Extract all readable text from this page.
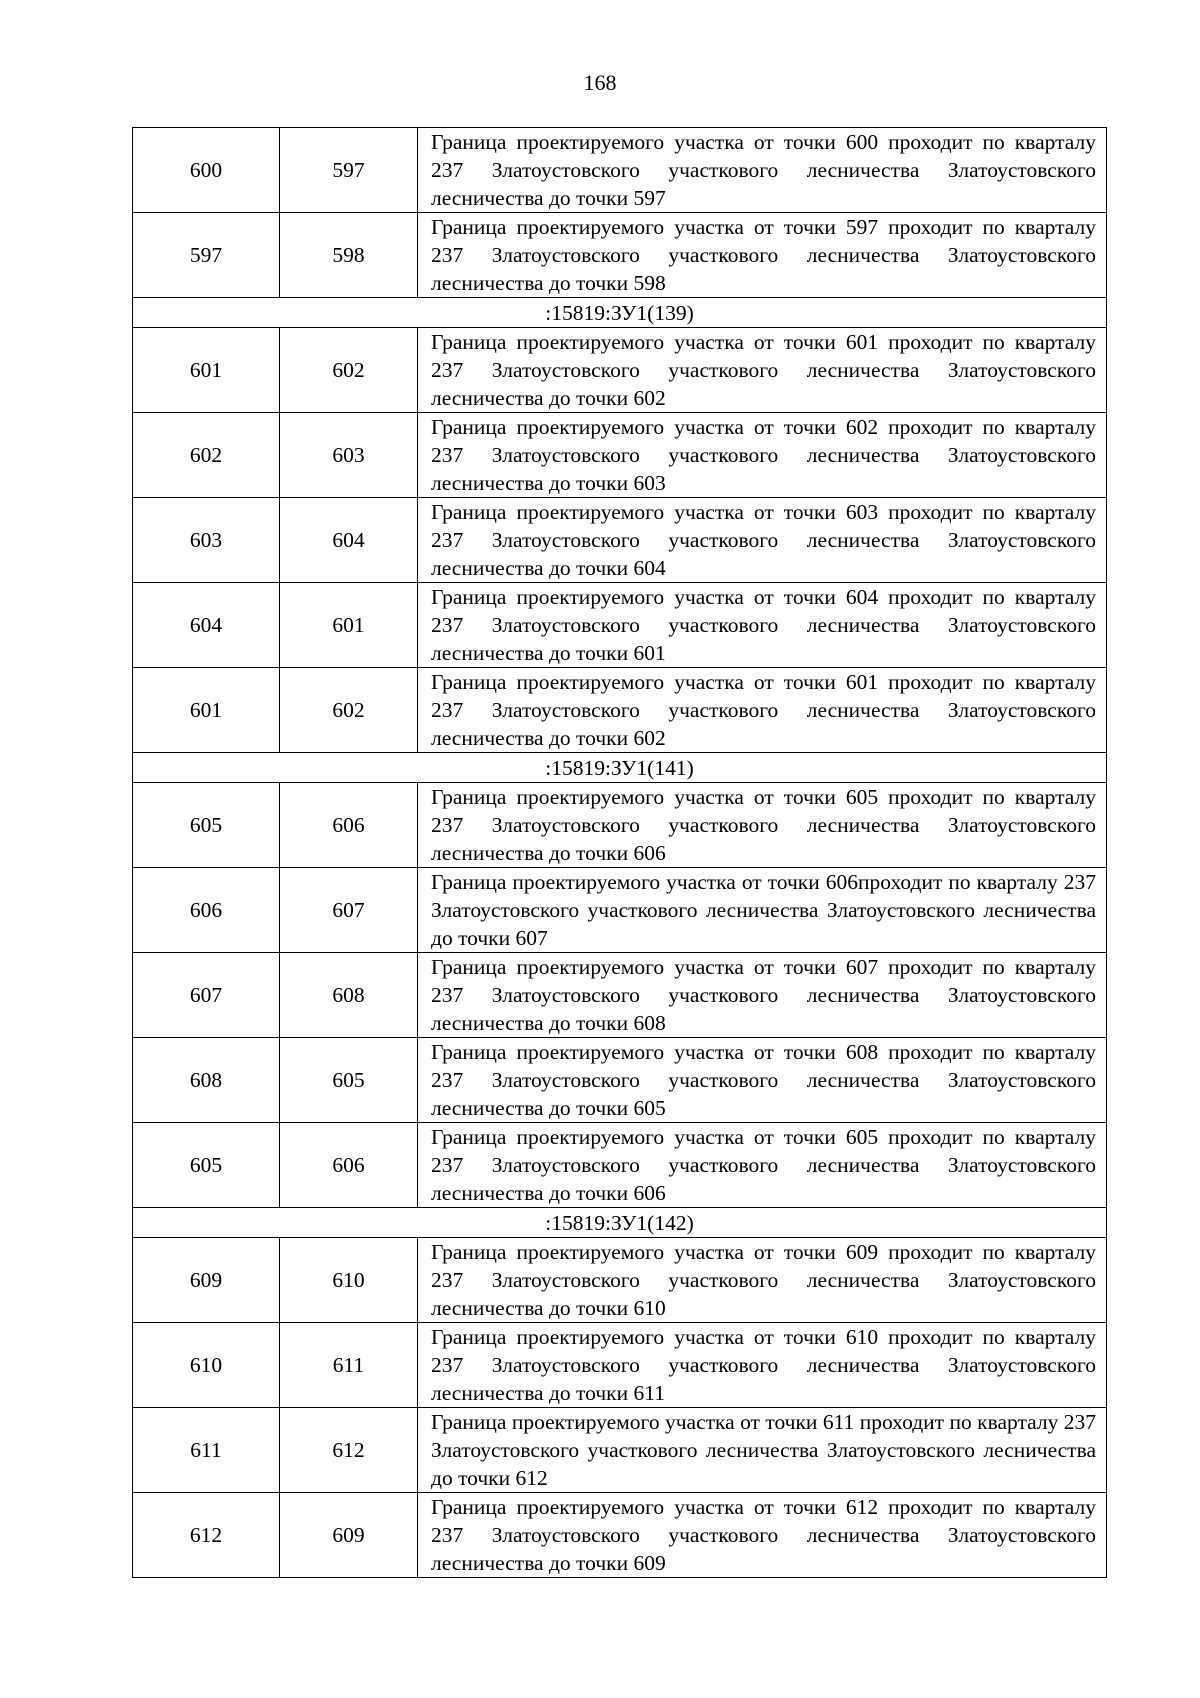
168
600	597	Граница проектируемого участка от точки 600 проходит по кварталу 237 Златоустовского участкового лесничества Златоустовского лесничества до точки 597
597	598	Граница проектируемого участка от точки 597 проходит по кварталу 237 Златоустовского участкового лесничества Златоустовского лесничества до точки 598
:15819:ЗУ1(139)		
601	602	Граница проектируемого участка от точки 601 проходит по кварталу 237 Златоустовского участкового лесничества Златоустовского лесничества до точки 602
602	603	Граница проектируемого участка от точки 602 проходит по кварталу 237 Златоустовского участкового лесничества Златоустовского лесничества до точки 603
603	604	Граница проектируемого участка от точки 603 проходит по кварталу 237 Златоустовского участкового лесничества Златоустовского лесничества до точки 604
604	601	Граница проектируемого участка от точки 604 проходит по кварталу 237 Златоустовского участкового лесничества Златоустовского лесничества до точки 601
601	602	Граница проектируемого участка от точки 601 проходит по кварталу 237 Златоустовского участкового лесничества Златоустовского лесничества до точки 602
:15819:ЗУ1(141)		
605	606	Граница проектируемого участка от точки 605 проходит по кварталу 237 Златоустовского участкового лесничества Златоустовского лесничества до точки 606
606	607	Граница проектируемого участка от точки 606проходит по кварталу 237 Златоустовского участкового лесничества Златоустовского лесничества до точки 607
607	608	Граница проектируемого участка от точки 607 проходит по кварталу 237 Златоустовского участкового лесничества Златоустовского лесничества до точки 608
608	605	Граница проектируемого участка от точки 608 проходит по кварталу 237 Златоустовского участкового лесничества Златоустовского лесничества до точки 605
605	606	Граница проектируемого участка от точки 605 проходит по кварталу 237 Златоустовского участкового лесничества Златоустовского лесничества до точки 606
:15819:ЗУ1(142)		
609	610	Граница проектируемого участка от точки 609 проходит по кварталу 237 Златоустовского участкового лесничества Златоустовского лесничества до точки 610
610	611	Граница проектируемого участка от точки 610 проходит по кварталу 237 Златоустовского участкового лесничества Златоустовского лесничества до точки 611
611	612	Граница проектируемого участка от точки 611 проходит по кварталу 237 Златоустовского участкового лесничества Златоустовского лесничества до точки 612
612	609	Граница проектируемого участка от точки 612 проходит по кварталу 237 Златоустовского участкового лесничества Златоустовского лесничества до точки 609
